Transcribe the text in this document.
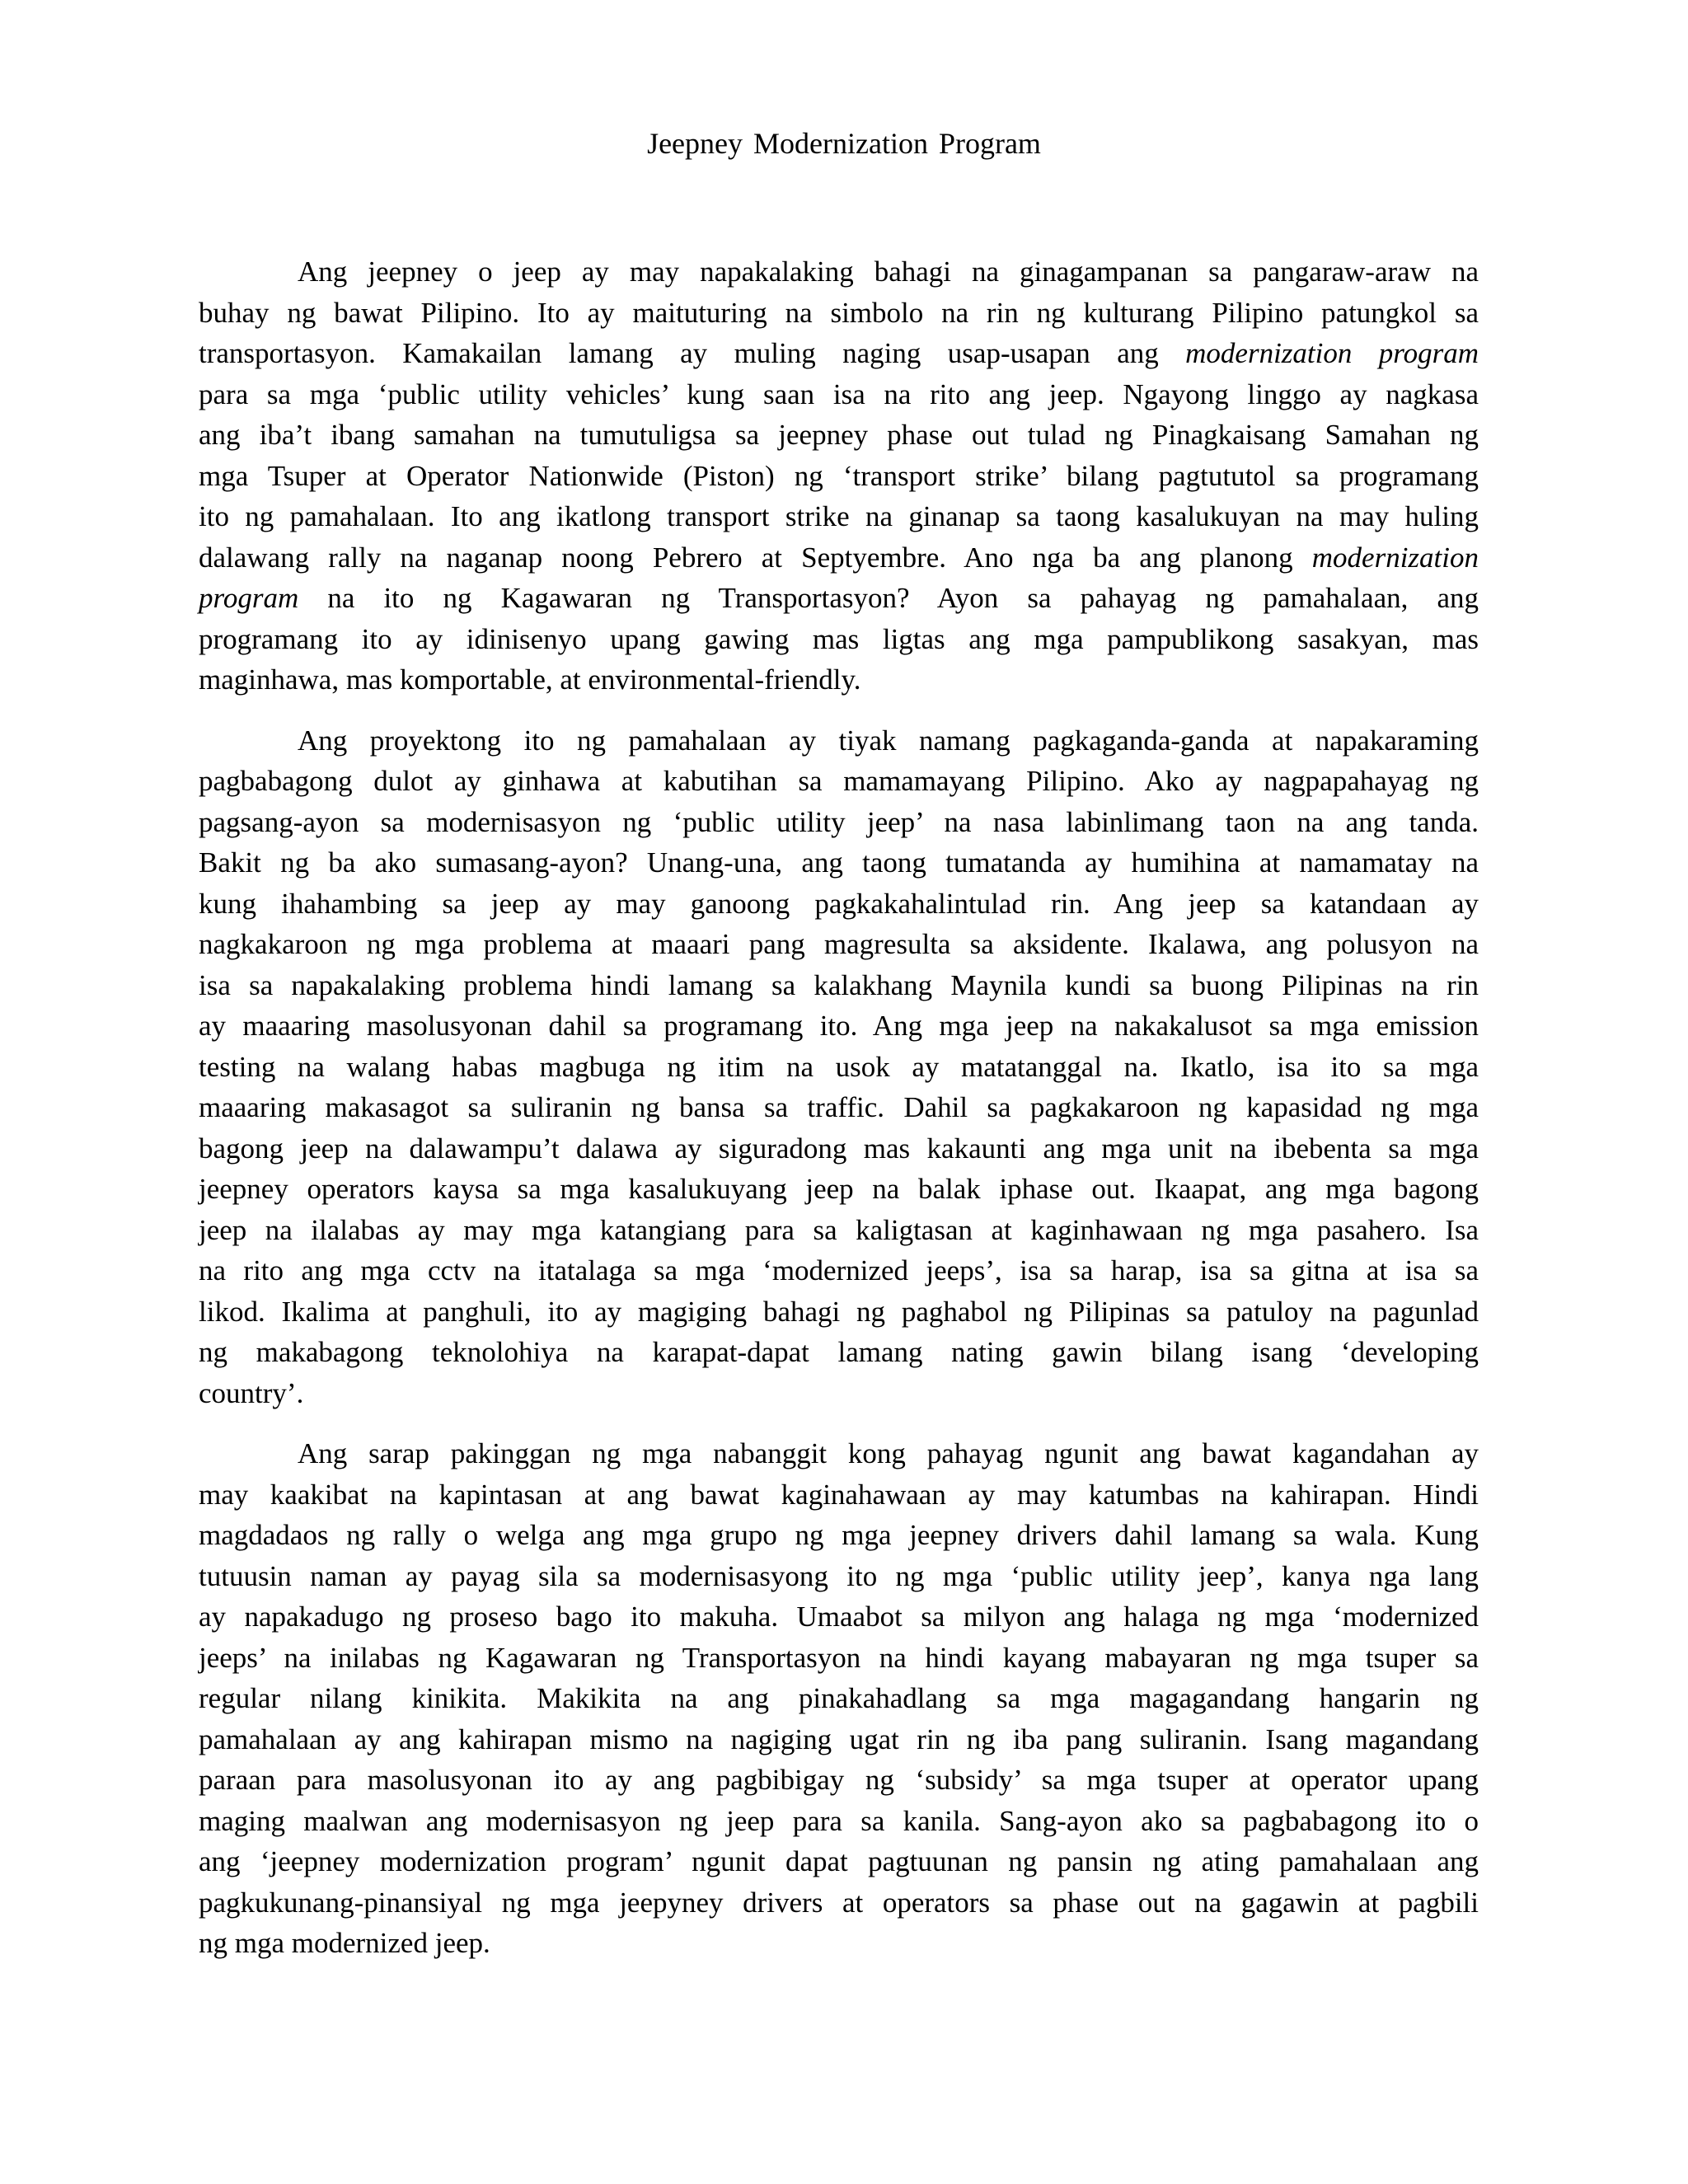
Jeepney Modernization Program
Ang jeepney o jeep ay may napakalaking bahagi na ginagampanan sa pangaraw-araw na
buhay ng bawat Pilipino. Ito ay maituturing na simbolo na rin ng kulturang Pilipino patungkol sa
transportasyon. Kamakailan lamang ay muling naging usap-usapan ang modernization program
para sa mga ‘public utility vehicles’ kung saan isa na rito ang jeep. Ngayong linggo ay nagkasa
ang iba’t ibang samahan na tumutuligsa sa jeepney phase out tulad ng Pinagkaisang Samahan ng
mga Tsuper at Operator Nationwide (Piston) ng ‘transport strike’ bilang pagtututol sa programang
ito ng pamahalaan. Ito ang ikatlong transport strike na ginanap sa taong kasalukuyan na may huling
dalawang rally na naganap noong Pebrero at Septyembre. Ano nga ba ang planong modernization
program na ito ng Kagawaran ng Transportasyon? Ayon sa pahayag ng pamahalaan, ang
programang ito ay idinisenyo upang gawing mas ligtas ang mga pampublikong sasakyan, mas
maginhawa, mas komportable, at environmental-friendly.
Ang proyektong ito ng pamahalaan ay tiyak namang pagkaganda-ganda at napakaraming
pagbabagong dulot ay ginhawa at kabutihan sa mamamayang Pilipino. Ako ay nagpapahayag ng
pagsang-ayon sa modernisasyon ng ‘public utility jeep’ na nasa labinlimang taon na ang tanda.
Bakit ng ba ako sumasang-ayon? Unang-una, ang taong tumatanda ay humihina at namamatay na
kung ihahambing sa jeep ay may ganoong pagkakahalintulad rin. Ang jeep sa katandaan ay
nagkakaroon ng mga problema at maaari pang magresulta sa aksidente. Ikalawa, ang polusyon na
isa sa napakalaking problema hindi lamang sa kalakhang Maynila kundi sa buong Pilipinas na rin
ay maaaring masolusyonan dahil sa programang ito. Ang mga jeep na nakakalusot sa mga emission
testing na walang habas magbuga ng itim na usok ay matatanggal na. Ikatlo, isa ito sa mga
maaaring makasagot sa suliranin ng bansa sa traffic. Dahil sa pagkakaroon ng kapasidad ng mga
bagong jeep na dalawampu’t dalawa ay siguradong mas kakaunti ang mga unit na ibebenta sa mga
jeepney operators kaysa sa mga kasalukuyang jeep na balak iphase out. Ikaapat, ang mga bagong
jeep na ilalabas ay may mga katangiang para sa kaligtasan at kaginhawaan ng mga pasahero. Isa
na rito ang mga cctv na itatalaga sa mga ‘modernized jeeps’, isa sa harap, isa sa gitna at isa sa
likod. Ikalima at panghuli, ito ay magiging bahagi ng paghabol ng Pilipinas sa patuloy na pagunlad
ng makabagong teknolohiya na karapat-dapat lamang nating gawin bilang isang ‘developing
country’.
Ang sarap pakinggan ng mga nabanggit kong pahayag ngunit ang bawat kagandahan ay
may kaakibat na kapintasan at ang bawat kaginahawaan ay may katumbas na kahirapan. Hindi
magdadaos ng rally o welga ang mga grupo ng mga jeepney drivers dahil lamang sa wala. Kung
tutuusin naman ay payag sila sa modernisasyong ito ng mga ‘public utility jeep’, kanya nga lang
ay napakadugo ng proseso bago ito makuha. Umaabot sa milyon ang halaga ng mga ‘modernized
jeeps’ na inilabas ng Kagawaran ng Transportasyon na hindi kayang mabayaran ng mga tsuper sa
regular nilang kinikita. Makikita na ang pinakahadlang sa mga magagandang hangarin ng
pamahalaan ay ang kahirapan mismo na nagiging ugat rin ng iba pang suliranin. Isang magandang
paraan para masolusyonan ito ay ang pagbibigay ng ‘subsidy’ sa mga tsuper at operator upang
maging maalwan ang modernisasyon ng jeep para sa kanila. Sang-ayon ako sa pagbabagong ito o
ang ‘jeepney modernization program’ ngunit dapat pagtuunan ng pansin ng ating pamahalaan ang
pagkukunang-pinansiyal ng mga jeepyney drivers at operators sa phase out na gagawin at pagbili
ng mga modernized jeep.
